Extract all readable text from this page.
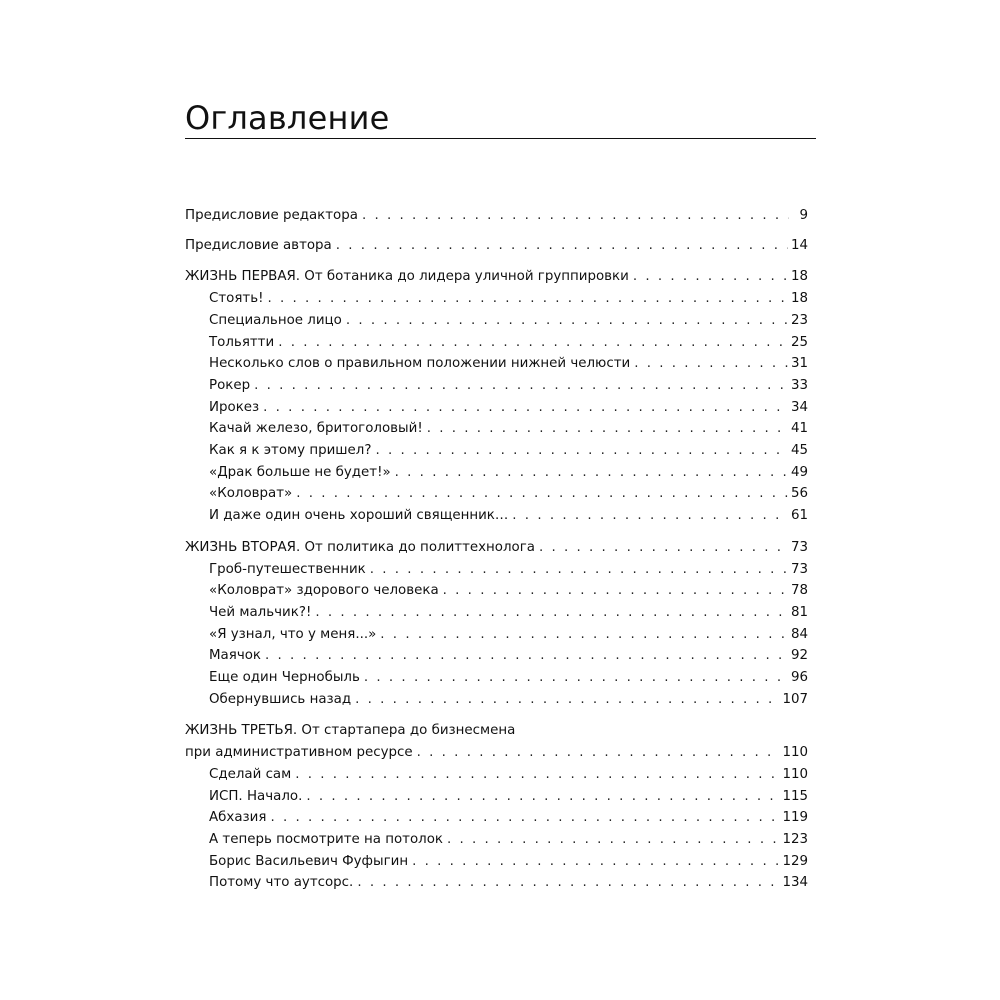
Оглавление
Предисловие редактора . . .	9
Предисловие автора . . .	14
ЖИЗНЬ ПЕРВАЯ. От ботаника до лидера уличной группировки . . .	18
Стоять! . . .	18
Специальное лицо . . .	23
Тольятти . . .	25
Несколько слов о правильном положении нижней челюсти . . .	31
Рокер . . .	33
Ирокез . . .	34
Качай железо, бритоголовый! . . .	41
Как я к этому пришел? . . .	45
«Драк больше не будет!» . . .	49
«Коловрат» . . .	56
И даже один очень хороший священник… . . .	61
ЖИЗНЬ ВТОРАЯ. От политика до политтехнолога . . .	73
Гроб-путешественник . . .	73
«Коловрат» здорового человека . . .	78
Чей мальчик?! . . .	81
«Я узнал, что у меня...» . . .	84
Маячок . . .	92
Еще один Чернобыль . . .	96
Обернувшись назад . . .	107
ЖИЗНЬ ТРЕТЬЯ. От стартапера до бизнесмена
при административном ресурсе . . .	110
Сделай сам . . .	110
ИСП. Начало. . . .	115
Абхазия . . .	119
А теперь посмотрите на потолок . . .	123
Борис Васильевич Фуфыгин . . .	129
Потому что аутсорс. . . .	134
